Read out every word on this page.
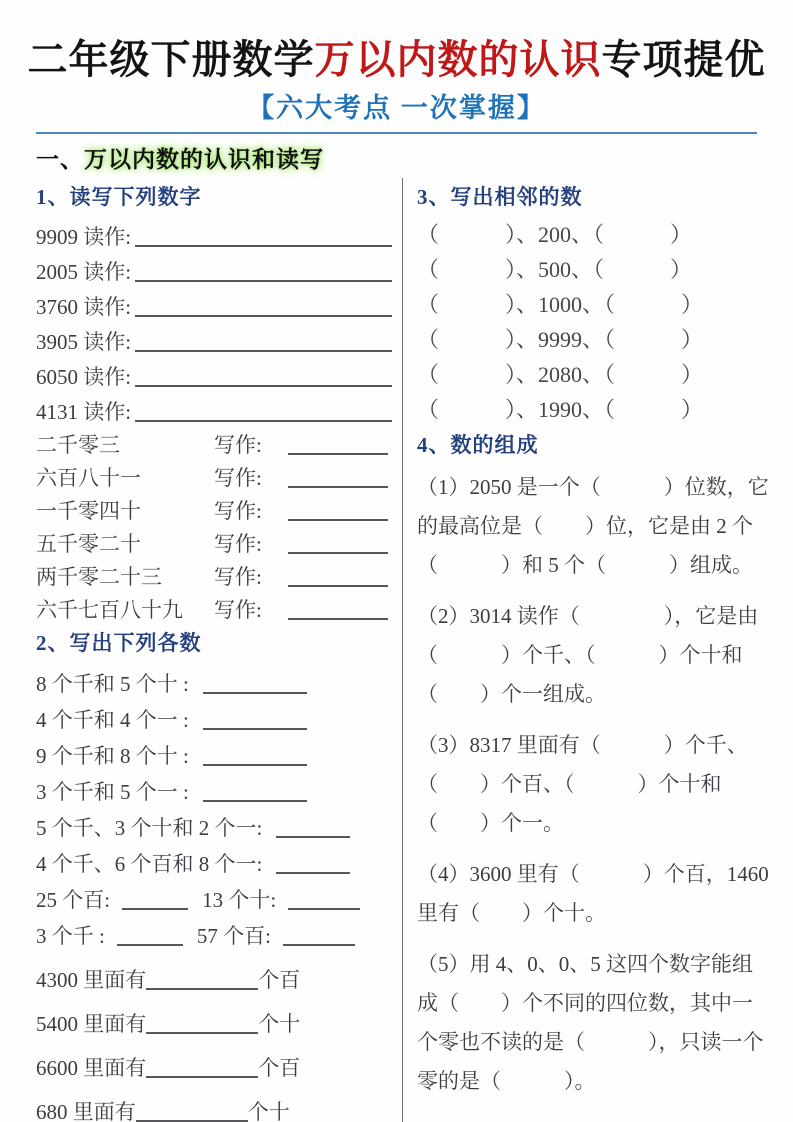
二年级下册数学万以内数的认识专项提优
【六大考点 一次掌握】
一、万以内数的认识和读写
1、读写下列数字
9909 读作:
2005 读作:
3760 读作:
3905 读作:
6050 读作:
4131 读作:
二千零三	写作:
六百八十一	写作:
一千零四十	写作:
五千零二十	写作:
两千零二十三	写作:
六千七百八十九	写作:
2、写出下列各数
8 个千和 5 个十 :
4 个千和 4 个一 :
9 个千和 8 个十 :
3 个千和 5 个一 :
5 个千、3 个十和 2 个一:
4 个千、6 个百和 8 个一:
25 个百:	13 个十:
3 个千 :	57 个百:
4300 里面有	个百
5400 里面有	个十
6600 里面有	个百
680 里面有	个十
3、写出相邻的数
（　　　）、200、（　　　）
（　　　）、500、（　　　）
（　　　）、1000、（　　　）
（　　　）、9999、（　　　）
（　　　）、2080、（　　　）
（　　　）、1990、（　　　）
4、数的组成

（1）2050 是一个（　　　）位数，它的最高位是（　　）位，它是由 2 个（　　　）和 5 个（　　　）组成。

（2）3014 读作（　　　　），它是由（　　　）个千、（　　　）个十和（　　）个一组成。

（3）8317 里面有（　　　）个千、（　　）个百、（　　　）个十和（　　）个一。

（4）3600 里有（　　　）个百，1460 里有（　　）个十。

（5）用 4、0、0、5 这四个数字能组成（　　）个不同的四位数，其中一个零也不读的是（　　　），只读一个零的是（　　　）。
